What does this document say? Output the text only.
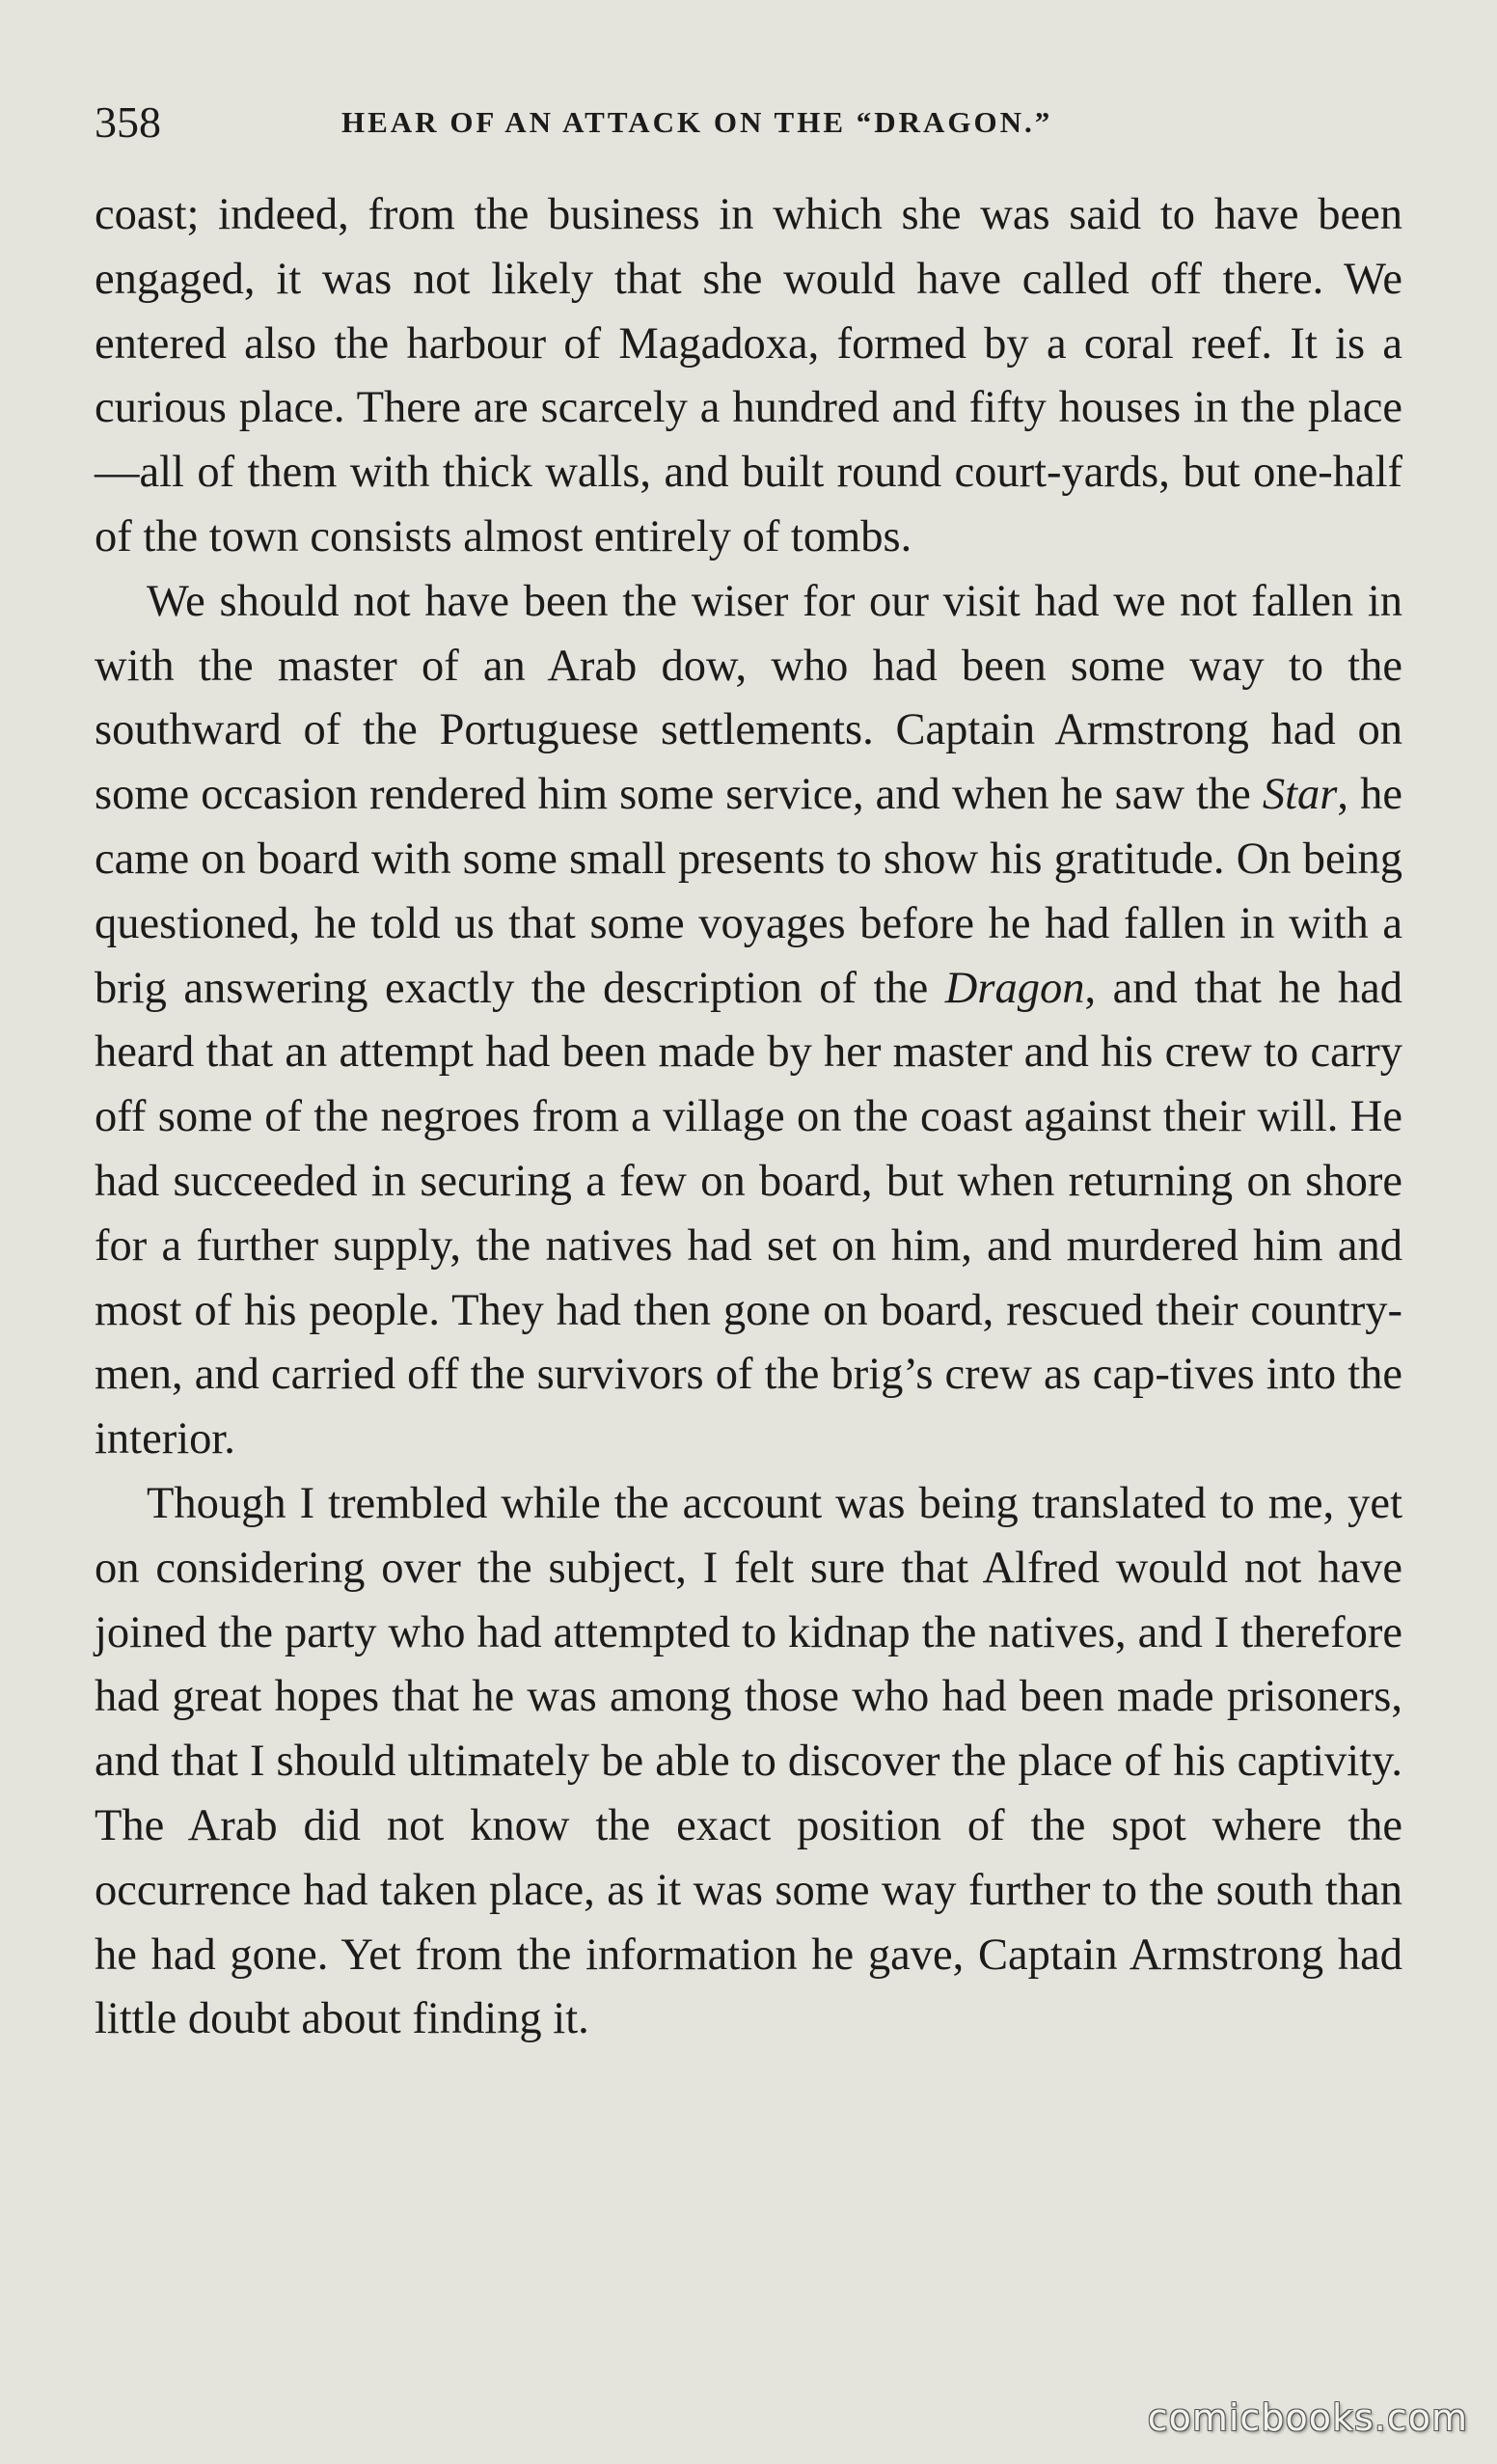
358	HEAR OF AN ATTACK ON THE “DRAGON.”

coast; indeed, from the business in which she was said to have been engaged, it was not likely that she would have called off there. We entered also the harbour of Magadoxa, formed by a coral reef. It is a curious place. There are scarcely a hundred and fifty houses in the place—all of them with thick walls, and built round court-yards, but one-half of the town consists almost entirely of tombs.

We should not have been the wiser for our visit had we not fallen in with the master of an Arab dow, who had been some way to the southward of the Portuguese settlements. Captain Armstrong had on some occasion rendered him some service, and when he saw the Star, he came on board with some small presents to show his gratitude. On being questioned, he told us that some voyages before he had fallen in with a brig answering exactly the description of the Dragon, and that he had heard that an attempt had been made by her master and his crew to carry off some of the negroes from a village on the coast against their will. He had succeeded in securing a few on board, but when returning on shore for a further supply, the natives had set on him, and murdered him and most of his people. They had then gone on board, rescued their country-men, and carried off the survivors of the brig’s crew as cap-tives into the interior.

Though I trembled while the account was being translated to me, yet on considering over the subject, I felt sure that Alfred would not have joined the party who had attempted to kidnap the natives, and I therefore had great hopes that he was among those who had been made prisoners, and that I should ultimately be able to discover the place of his captivity. The Arab did not know the exact position of the spot where the occurrence had taken place, as it was some way further to the south than he had gone. Yet from the information he gave, Captain Armstrong had little doubt about finding it.

comicbooks.com
